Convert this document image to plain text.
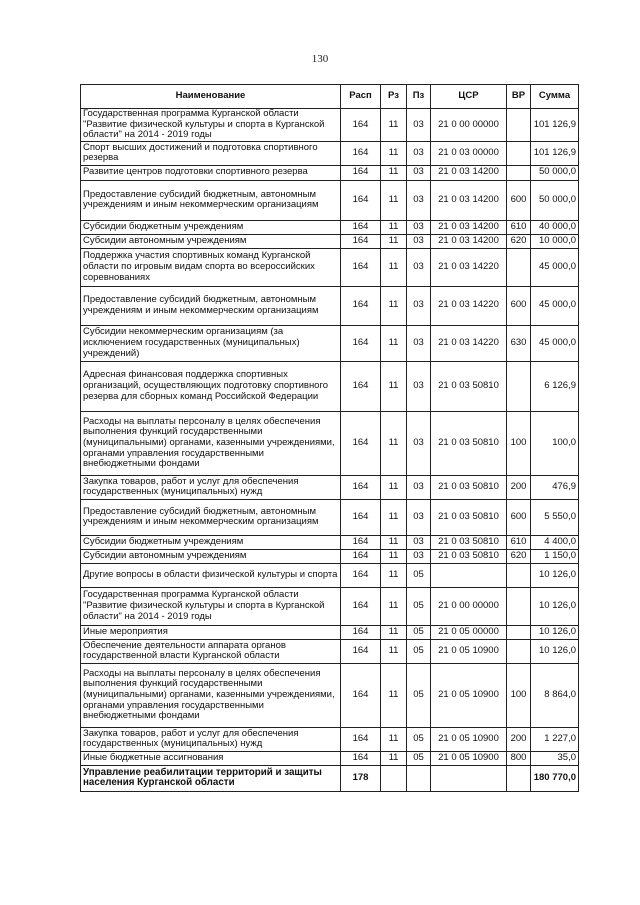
130
Наименование	Расп	Рз	Пз	ЦСР	ВР	Сумма
Государственная программа Курганской области "Развитие физической культуры и спорта в Курганской области" на 2014 - 2019 годы	164	11	03	21 0 00 00000		101 126,9
Спорт высших достижений и подготовка спортивного резерва	164	11	03	21 0 03 00000		101 126,9
Развитие центров подготовки спортивного резерва	164	11	03	21 0 03 14200		50 000,0
Предоставление субсидий бюджетным, автономным учреждениям и иным некоммерческим организациям	164	11	03	21 0 03 14200	600	50 000,0
Субсидии бюджетным учреждениям	164	11	03	21 0 03 14200	610	40 000,0
Субсидии автономным учреждениям	164	11	03	21 0 03 14200	620	10 000,0
Поддержка участия спортивных команд Курганской области по игровым видам спорта во всероссийских соревнованиях	164	11	03	21 0 03 14220		45 000,0
Предоставление субсидий бюджетным, автономным учреждениям и иным некоммерческим организациям	164	11	03	21 0 03 14220	600	45 000,0
Субсидии некоммерческим организациям (за исключением государственных (муниципальных) учреждений)	164	11	03	21 0 03 14220	630	45 000,0
Адресная финансовая поддержка спортивных организаций, осуществляющих подготовку спортивного резерва для сборных команд Российской Федерации	164	11	03	21 0 03 50810		6 126,9
Расходы на выплаты персоналу в целях обеспечения выполнения функций государственными (муниципальными) органами, казенными учреждениями, органами управления государственными внебюджетными фондами	164	11	03	21 0 03 50810	100	100,0
Закупка товаров, работ и услуг для обеспечения государственных (муниципальных) нужд	164	11	03	21 0 03 50810	200	476,9
Предоставление субсидий бюджетным, автономным учреждениям и иным некоммерческим организациям	164	11	03	21 0 03 50810	600	5 550,0
Субсидии бюджетным учреждениям	164	11	03	21 0 03 50810	610	4 400,0
Субсидии автономным учреждениям	164	11	03	21 0 03 50810	620	1 150,0
Другие вопросы в области физической культуры и спорта	164	11	05			10 126,0
Государственная программа Курганской области "Развитие физической культуры и спорта в Курганской области" на 2014 - 2019 годы	164	11	05	21 0 00 00000		10 126,0
Иные мероприятия	164	11	05	21 0 05 00000		10 126,0
Обеспечение деятельности аппарата органов государственной власти Курганской области	164	11	05	21 0 05 10900		10 126,0
Расходы на выплаты персоналу в целях обеспечения выполнения функций государственными (муниципальными) органами, казенными учреждениями, органами управления государственными внебюджетными фондами	164	11	05	21 0 05 10900	100	8 864,0
Закупка товаров, работ и услуг для обеспечения государственных (муниципальных) нужд	164	11	05	21 0 05 10900	200	1 227,0
Иные бюджетные ассигнования	164	11	05	21 0 05 10900	800	35,0
Управление реабилитации территорий и защиты населения Курганской области	178					180 770,0
